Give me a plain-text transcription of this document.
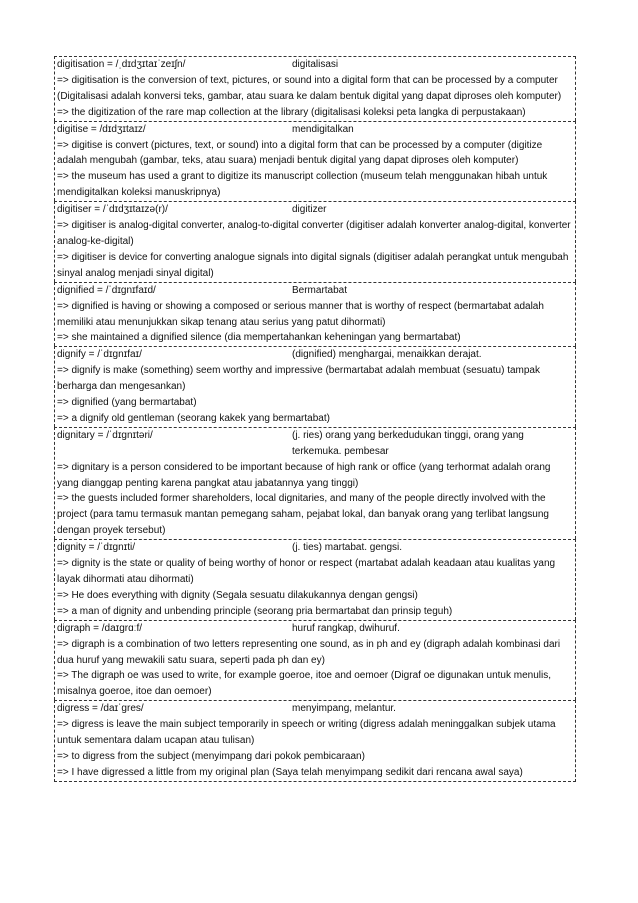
digitisation = /ˌdɪdʒɪtaɪˈzeɪʃn/	digitalisasi
=> digitisation is the conversion of text, pictures, or sound into a digital form that can be processed by a computer (Digitalisasi adalah konversi teks, gambar, atau suara ke dalam bentuk digital yang dapat diproses oleh komputer)
=> the digitization of the rare map collection at the library (digitalisasi koleksi peta langka di perpustakaan)
digitise = /dɪdʒɪtaɪz/	mendigitalkan
=> digitise is convert (pictures, text, or sound) into a digital form that can be processed by a computer (digitize adalah mengubah (gambar, teks, atau suara) menjadi bentuk digital yang dapat diproses oleh komputer)
=> the museum has used a grant to digitize its manuscript collection (museum telah menggunakan hibah untuk mendigitalkan koleksi manuskripnya)
digitiser = /ˈdɪdʒɪtaɪzə(r)/	digitizer
=> digitiser is analog-digital converter, analog-to-digital converter (digitiser adalah konverter analog-digital, konverter analog-ke-digital)
=> digitiser is device for converting analogue signals into digital signals (digitiser adalah perangkat untuk mengubah sinyal analog menjadi sinyal digital)
dignified = /ˈdɪɡnɪfaɪd/	Bermartabat
=> dignified is having or showing a composed or serious manner that is worthy of respect (bermartabat adalah memiliki atau menunjukkan sikap tenang atau serius yang patut dihormati)
=> she maintained a dignified silence (dia mempertahankan keheningan yang bermartabat)
dignify = /ˈdɪɡnɪfaɪ/	(dignified) menghargai, menaikkan derajat.
=> dignify is make (something) seem worthy and impressive (bermartabat adalah membuat (sesuatu) tampak berharga dan mengesankan)
=> dignified (yang bermartabat)
=> a dignify old gentleman (seorang kakek yang bermartabat)
dignitary = /ˈdɪɡnɪtəri/	(j. ries) orang yang berkedudukan tinggi, orang yang terkemuka. pembesar
=> dignitary is a person considered to be important because of high rank or office (yang terhormat adalah orang yang dianggap penting karena pangkat atau jabatannya yang tinggi)
=> the guests included former shareholders, local dignitaries, and many of the people directly involved with the project (para tamu termasuk mantan pemegang saham, pejabat lokal, dan banyak orang yang terlibat langsung dengan proyek tersebut)
dignity = /ˈdɪɡnɪti/	(j. ties) martabat. gengsi.
=> dignity is the state or quality of being worthy of honor or respect (martabat adalah keadaan atau kualitas yang layak dihormati atau dihormati)
=> He does everything with dignity (Segala sesuatu dilakukannya dengan gengsi)
=> a man of dignity and unbending principle (seorang pria bermartabat dan prinsip teguh)
digraph = /daɪɡrɑːf/	huruf rangkap, dwihuruf.
=> digraph is a combination of two letters representing one sound, as in ph and ey (digraph adalah kombinasi dari dua huruf yang mewakili satu suara, seperti pada ph dan ey)
=> The digraph oe was used to write, for example goeroe, itoe and oemoer (Digraf oe digunakan untuk menulis, misalnya goeroe, itoe dan oemoer)
digress = /daɪˈɡres/	menyimpang, melantur.
=> digress is leave the main subject temporarily in speech or writing (digress adalah meninggalkan subjek utama untuk sementara dalam ucapan atau tulisan)
=> to digress from the subject (menyimpang dari pokok pembicaraan)
=> I have digressed a little from my original plan (Saya telah menyimpang sedikit dari rencana awal saya)
